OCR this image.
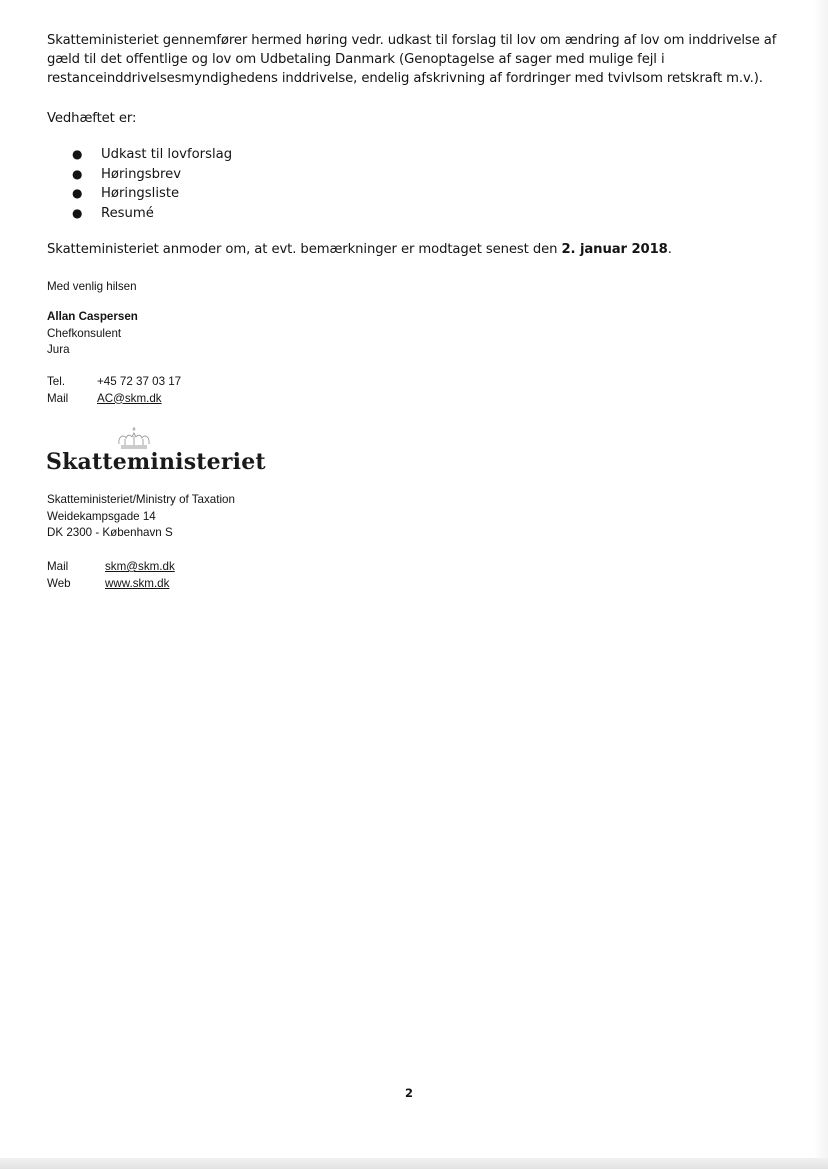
Skatteministeriet gennemfører hermed høring vedr. udkast til forslag til lov om ændring af lov om inddrivelse af
gæld til det offentlige og lov om Udbetaling Danmark (Genoptagelse af sager med mulige fejl i
restanceinddrivelsesmyndighedens inddrivelse, endelig afskrivning af fordringer med tvivlsom retskraft m.v.).
Vedhæftet er:
● Udkast til lovforslag
● Høringsbrev
● Høringsliste
● Resumé
Skatteministeriet anmoder om, at evt. bemærkninger er modtaget senest den 2. januar 2018.
Med venlig hilsen
Allan Caspersen
Chefkonsulent
Jura
Tel.	+45 72 37 03 17
Mail	AC@skm.dk
Skatteministeriet
Skatteministeriet/Ministry of Taxation
Weidekampsgade 14
DK 2300 - København S
Mail	skm@skm.dk
Web	www.skm.dk
2
